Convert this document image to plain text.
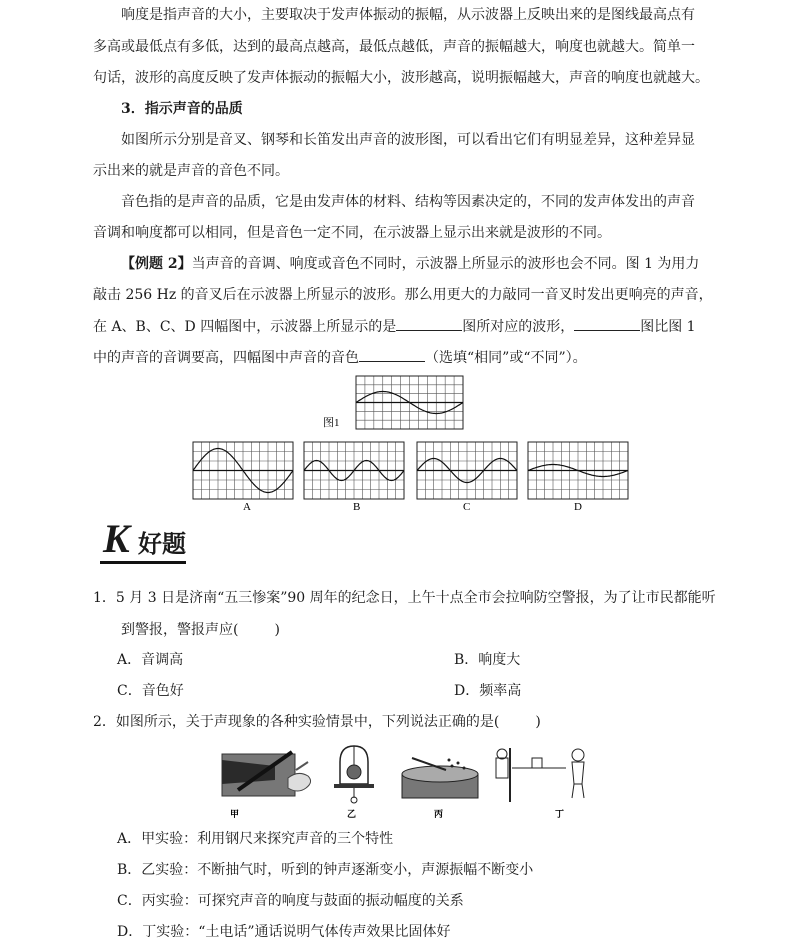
响度是指声音的大小，主要取决于发声体振动的振幅，从示波器上反映出来的是图线最高点有
多高或最低点有多低，达到的最高点越高，最低点越低，声音的振幅越大，响度也就越大。简单一
句话，波形的高度反映了发声体振动的振幅大小，波形越高，说明振幅越大，声音的响度也就越大。
3．指示声音的品质
如图所示分别是音叉、钢琴和长笛发出声音的波形图，可以看出它们有明显差异，这种差异显
示出来的就是声音的音色不同。
音色指的是声音的品质，它是由发声体的材料、结构等因素决定的，不同的发声体发出的声音
音调和响度都可以相同，但是音色一定不同，在示波器上显示出来就是波形的不同。
【例题 2】当声音的音调、响度或音色不同时，示波器上所显示的波形也会不同。图 1 为用力
敲击 256 Hz 的音叉后在示波器上所显示的波形。那么用更大的力敲同一音叉时发出更响亮的声音，
在 A、B、C、D 四幅图中，示波器上所显示的是	图所对应的波形，	图比图 1
中的声音的音调要高，四幅图中声音的音色	（选填“相同”或“不同”）。
图1
A	B	C	D
K 好题
1．5 月 3 日是济南“五三惨案”90 周年的纪念日，上午十点全市会拉响防空警报，为了让市民都能听
到警报，警报声应(	)
A．音调高	B．响度大
C．音色好	D．频率高
2．如图所示，关于声现象的各种实验情景中，下列说法正确的是(	)
甲	乙	丙	丁
A．甲实验：利用钢尺来探究声音的三个特性
B．乙实验：不断抽气时，听到的钟声逐渐变小，声源振幅不断变小
C．丙实验：可探究声音的响度与鼓面的振动幅度的关系
D．丁实验：“土电话”通话说明气体传声效果比固体好
